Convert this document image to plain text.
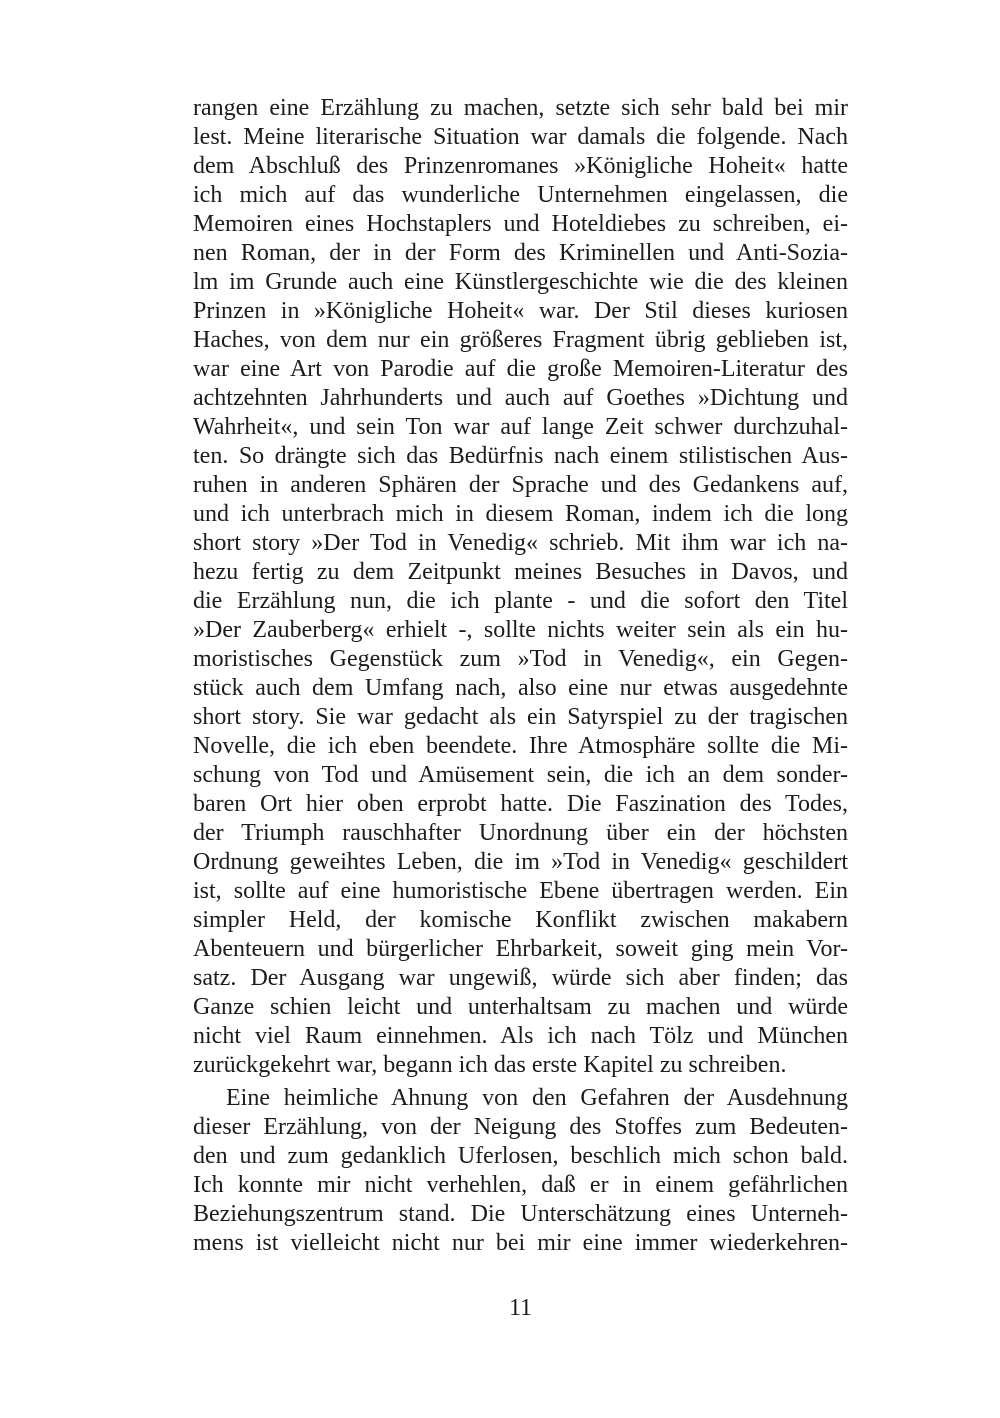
rangen eine Erzählung zu machen, setzte sich sehr bald bei mir
lest. Meine literarische Situation war damals die folgende. Nach
dem Abschluß des Prinzenromanes »Königliche Hoheit« hatte
ich mich auf das wunderliche Unternehmen eingelassen, die
Memoiren eines Hochstaplers und Hoteldiebes zu schreiben, ei-
nen Roman, der in der Form des Kriminellen und Anti-Sozia-
lm im Grunde auch eine Künstlergeschichte wie die des kleinen
Prinzen in »Königliche Hoheit« war. Der Stil dieses kuriosen
Haches, von dem nur ein größeres Fragment übrig geblieben ist,
war eine Art von Parodie auf die große Memoiren-Literatur des
achtzehnten Jahrhunderts und auch auf Goethes »Dichtung und
Wahrheit«, und sein Ton war auf lange Zeit schwer durchzuhal-
ten. So drängte sich das Bedürfnis nach einem stilistischen Aus-
ruhen in anderen Sphären der Sprache und des Gedankens auf,
und ich unterbrach mich in diesem Roman, indem ich die long
short story »Der Tod in Venedig« schrieb. Mit ihm war ich na-
hezu fertig zu dem Zeitpunkt meines Besuches in Davos, und
die Erzählung nun, die ich plante - und die sofort den Titel
»Der Zauberberg« erhielt -, sollte nichts weiter sein als ein hu-
moristisches Gegenstück zum »Tod in Venedig«, ein Gegen-
stück auch dem Umfang nach, also eine nur etwas ausgedehnte
short story. Sie war gedacht als ein Satyrspiel zu der tragischen
Novelle, die ich eben beendete. Ihre Atmosphäre sollte die Mi-
schung von Tod und Amüsement sein, die ich an dem sonder-
baren Ort hier oben erprobt hatte. Die Faszination des Todes,
der Triumph rauschhafter Unordnung über ein der höchsten
Ordnung geweihtes Leben, die im »Tod in Venedig« geschildert
ist, sollte auf eine humoristische Ebene übertragen werden. Ein
simpler Held, der komische Konflikt zwischen makabern
Abenteuern und bürgerlicher Ehrbarkeit, soweit ging mein Vor-
satz. Der Ausgang war ungewiß, würde sich aber finden; das
Ganze schien leicht und unterhaltsam zu machen und würde
nicht viel Raum einnehmen. Als ich nach Tölz und München
zurückgekehrt war, begann ich das erste Kapitel zu schreiben.
Eine heimliche Ahnung von den Gefahren der Ausdehnung
dieser Erzählung, von der Neigung des Stoffes zum Bedeuten-
den und zum gedanklich Uferlosen, beschlich mich schon bald.
Ich konnte mir nicht verhehlen, daß er in einem gefährlichen
Beziehungszentrum stand. Die Unterschätzung eines Unterneh-
mens ist vielleicht nicht nur bei mir eine immer wiederkehren-
11
